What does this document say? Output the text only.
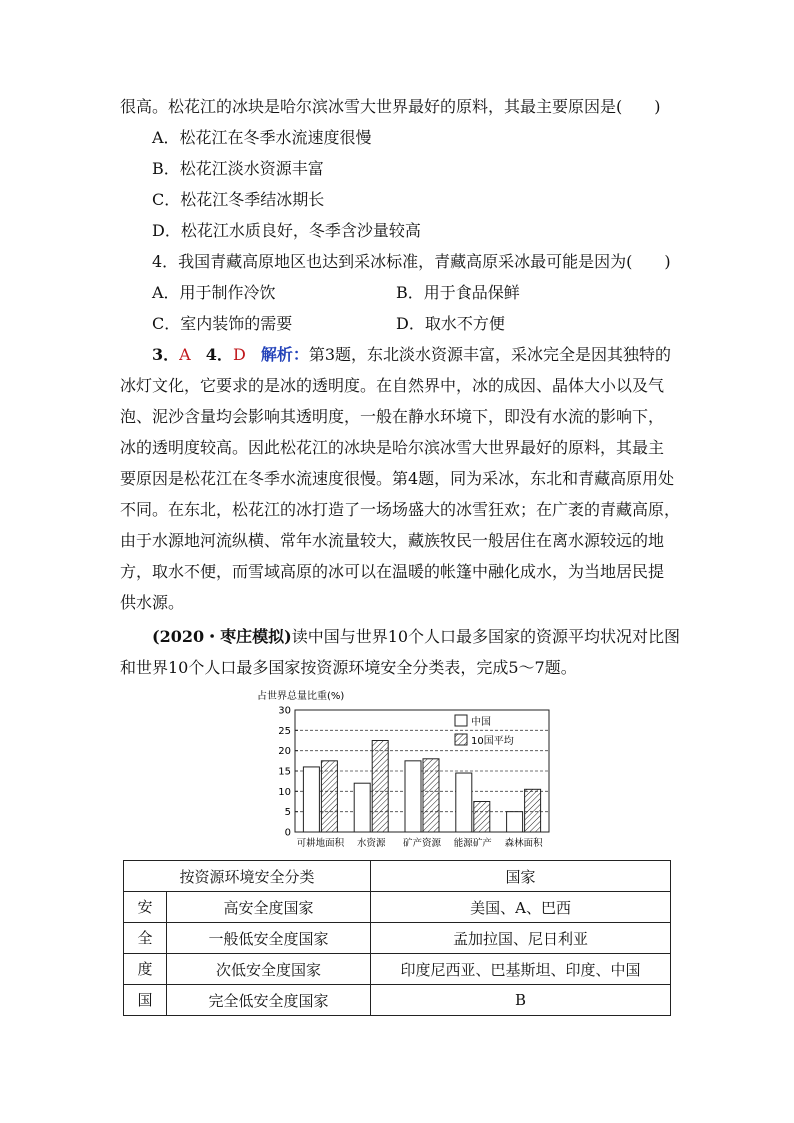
很高。松花江的冰块是哈尔滨冰雪大世界最好的原料，其最主要原因是(　　)
A．松花江在冬季水流速度很慢
B．松花江淡水资源丰富
C．松花江冬季结冰期长
D．松花江水质良好，冬季含沙量较高
4．我国青藏高原地区也达到采冰标准，青藏高原采冰最可能是因为(　　)
A．用于制作冷饮	B．用于食品保鲜
C．室内装饰的需要	D．取水不方便
3．A 4．D 解析：第3题，东北淡水资源丰富，采冰完全是因其独特的
冰灯文化，它要求的是冰的透明度。在自然界中，冰的成因、晶体大小以及气
泡、泥沙含量均会影响其透明度，一般在静水环境下，即没有水流的影响下，
冰的透明度较高。因此松花江的冰块是哈尔滨冰雪大世界最好的原料，其最主
要原因是松花江在冬季水流速度很慢。第4题，同为采冰，东北和青藏高原用处
不同。在东北，松花江的冰打造了一场场盛大的冰雪狂欢；在广袤的青藏高原，
由于水源地河流纵横、常年水流量较大，藏族牧民一般居住在离水源较远的地
方，取水不便，而雪域高原的冰可以在温暖的帐篷中融化成水，为当地居民提
供水源。
(2020・枣庄模拟)读中国与世界10个人口最多国家的资源平均状况对比图
和世界10个人口最多国家按资源环境安全分类表，完成5～7题。
占世界总量比重(%)
0
5
10
15
20
25
30
可耕地面积 水资源 矿产资源 能源矿产 森林面积
中国
10国平均
按资源环境安全分类		国家
安	高安全度国家	美国、A、巴西
全	一般低安全度国家	孟加拉国、尼日利亚
度	次低安全度国家	印度尼西亚、巴基斯坦、印度、中国
国	完全低安全度国家	B
